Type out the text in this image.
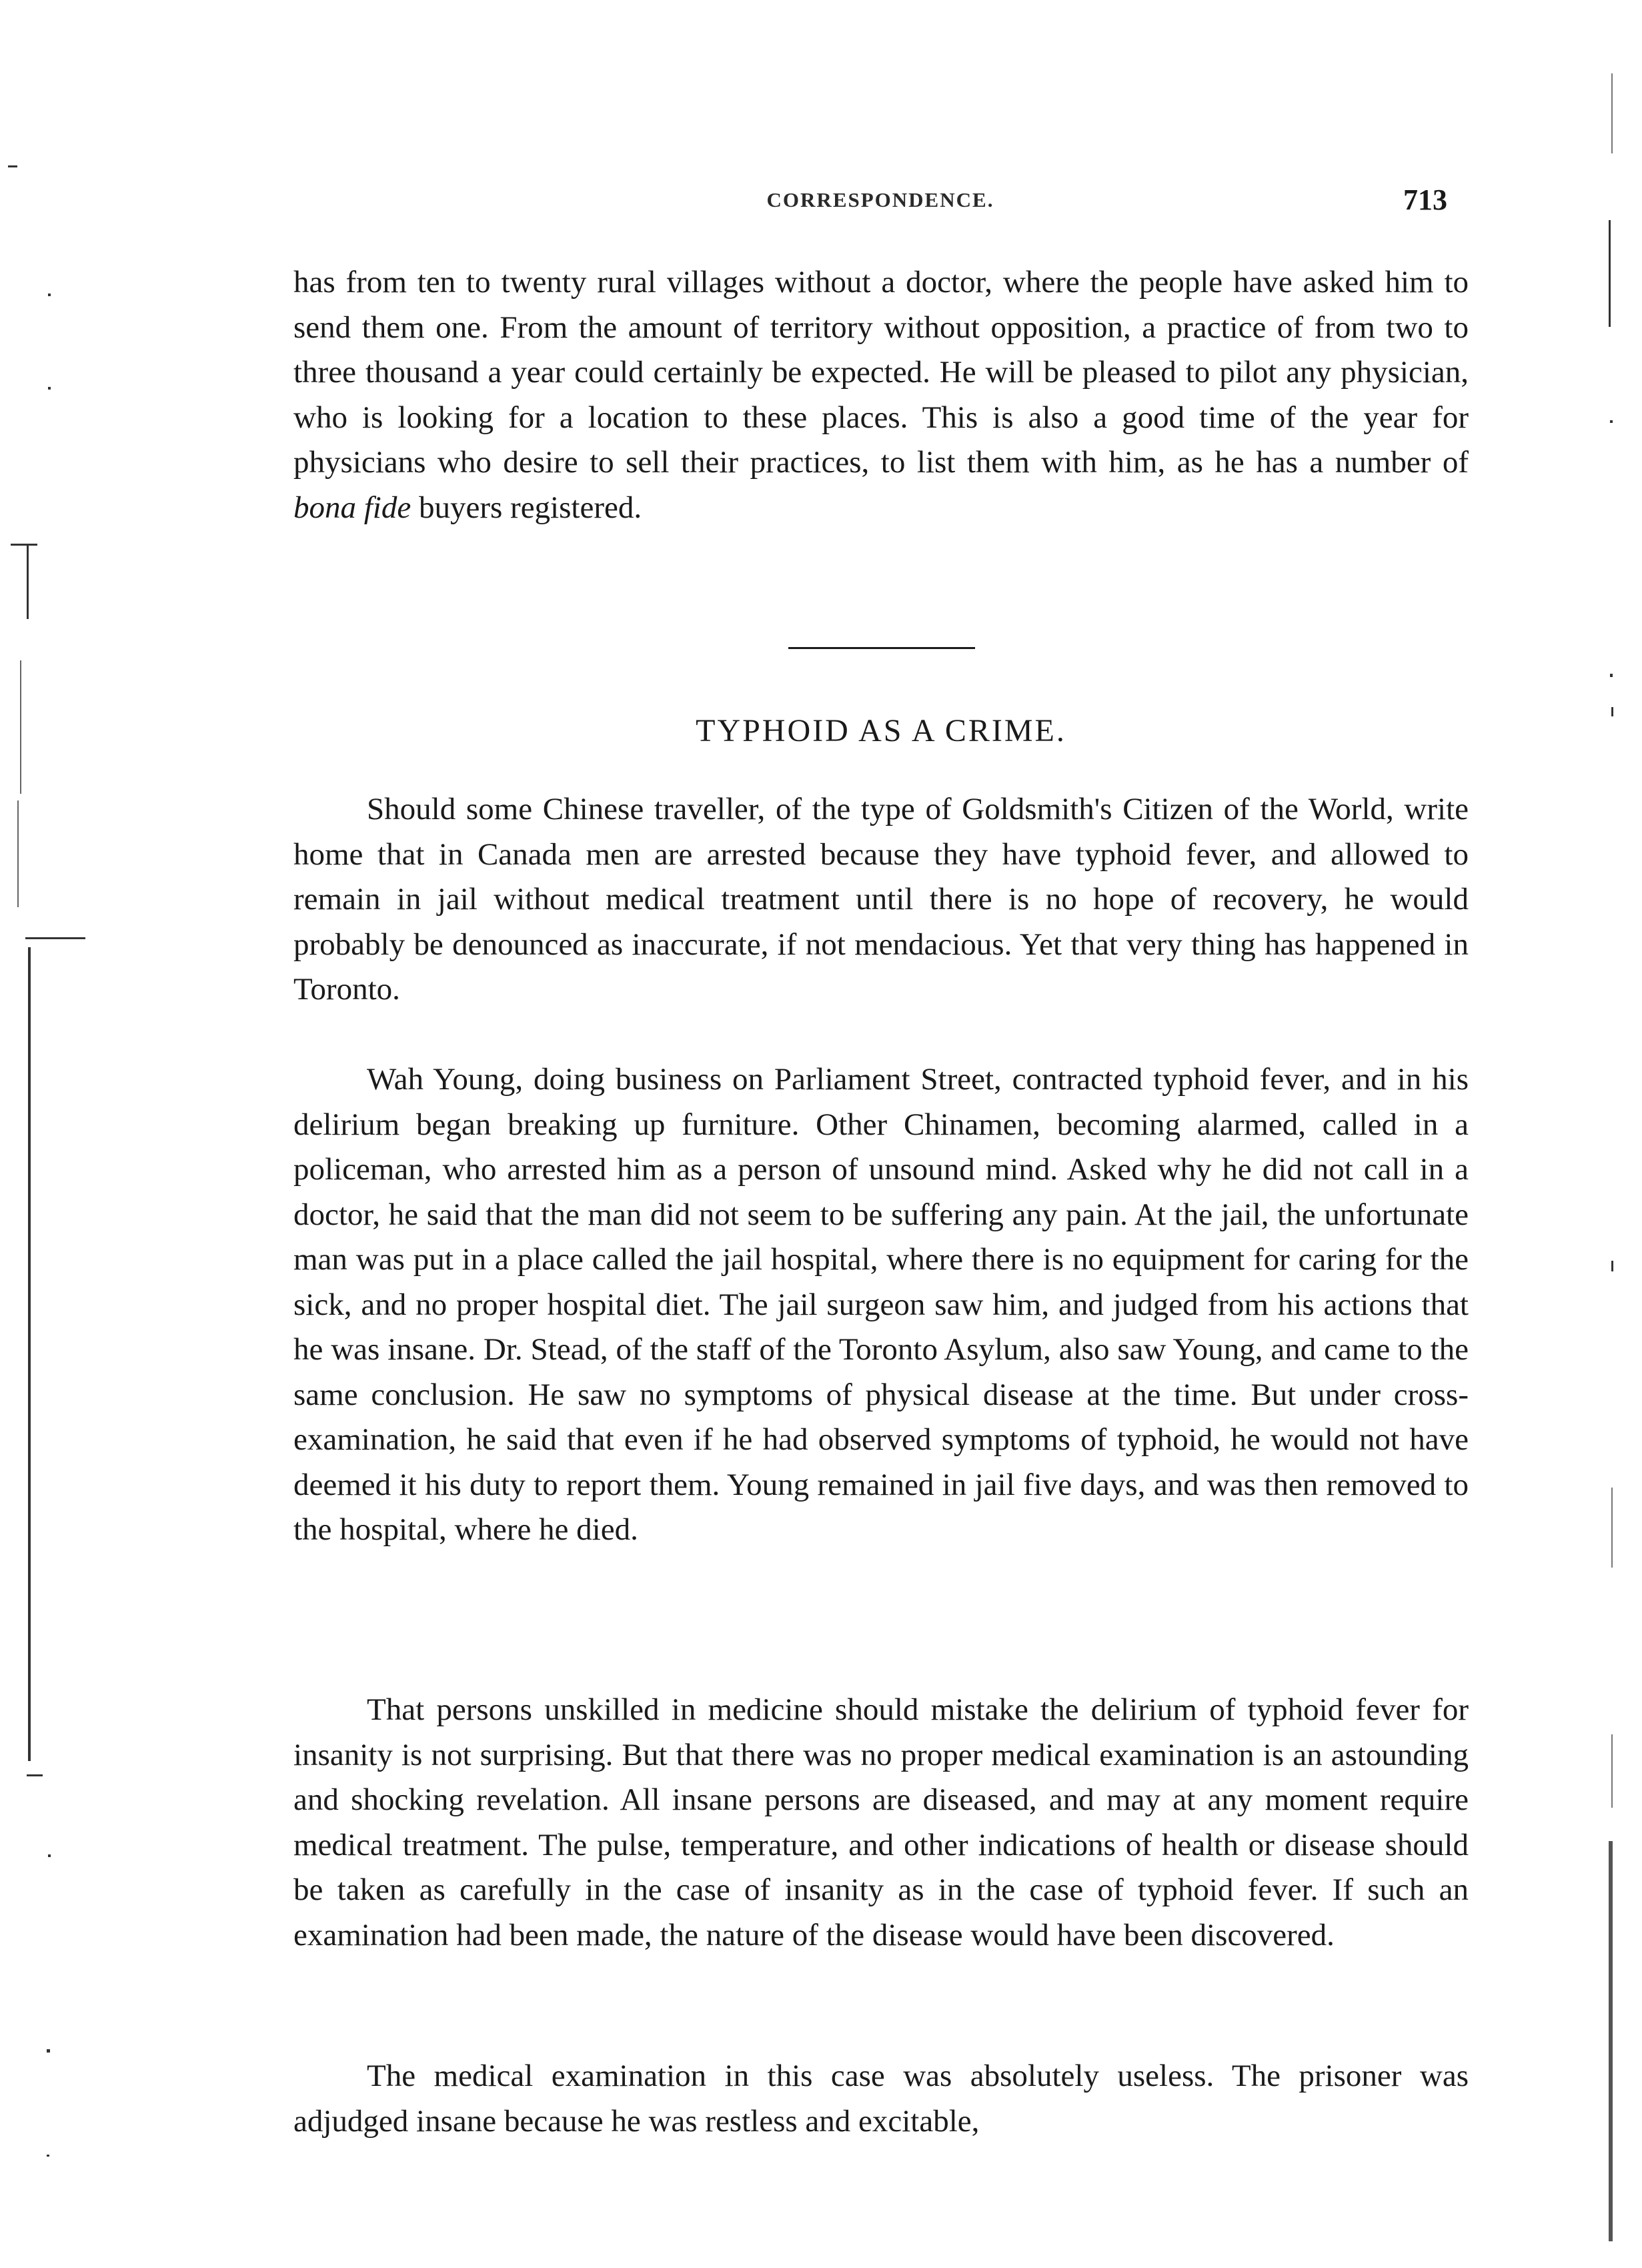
CORRESPONDENCE.	713

has from ten to twenty rural villages without a doctor, where the people have asked him to send them one. From the amount of territory without opposition, a practice of from two to three thousand a year could certainly be expected. He will be pleased to pilot any physician, who is looking for a location to these places. This is also a good time of the year for physicians who desire to sell their practices, to list them with him, as he has a number of bona fide buyers registered.

TYPHOID AS A CRIME.

Should some Chinese traveller, of the type of Goldsmith's Citizen of the World, write home that in Canada men are arrested because they have typhoid fever, and allowed to remain in jail without medical treatment until there is no hope of recovery, he would probably be denounced as inaccurate, if not mendacious. Yet that very thing has happened in Toronto.

Wah Young, doing business on Parliament Street, contracted typhoid fever, and in his delirium began breaking up furniture. Other Chinamen, becoming alarmed, called in a policeman, who arrested him as a person of unsound mind. Asked why he did not call in a doctor, he said that the man did not seem to be suffering any pain. At the jail, the unfortunate man was put in a place called the jail hospital, where there is no equipment for caring for the sick, and no proper hospital diet. The jail surgeon saw him, and judged from his actions that he was insane. Dr. Stead, of the staff of the Toronto Asylum, also saw Young, and came to the same conclusion. He saw no symptoms of physical disease at the time. But under cross-examination, he said that even if he had observed symptoms of typhoid, he would not have deemed it his duty to report them. Young remained in jail five days, and was then removed to the hospital, where he died.

That persons unskilled in medicine should mistake the delirium of typhoid fever for insanity is not surprising. But that there was no proper medical examination is an astounding and shocking revelation. All insane persons are diseased, and may at any moment require medical treatment. The pulse, temperature, and other indications of health or disease should be taken as carefully in the case of insanity as in the case of typhoid fever. If such an examination had been made, the nature of the disease would have been discovered.

The medical examination in this case was absolutely useless. The prisoner was adjudged insane because he was restless and excitable,
